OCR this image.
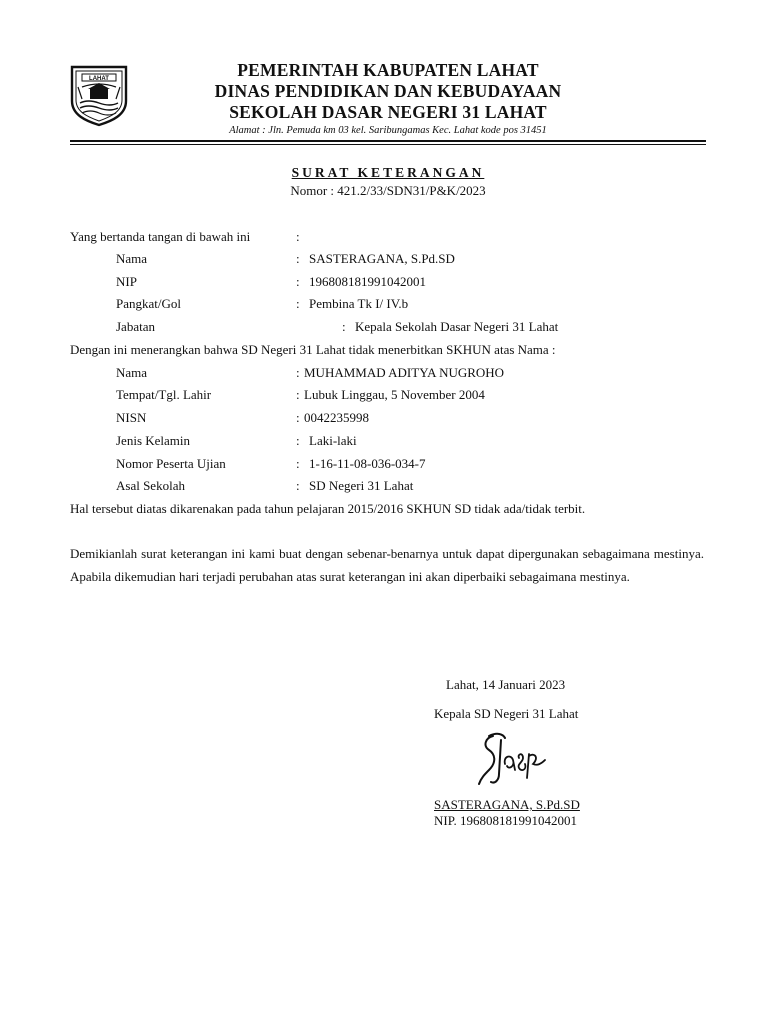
LAHAT	PEMERINTAH KABUPATEN LAHAT
DINAS PENDIDIKAN DAN KEBUDAYAAN
SEKOLAH DASAR NEGERI 31 LAHAT
Alamat : Jln. Pemuda km 03 kel. Saribungamas Kec. Lahat kode pos 31451
SURAT KETERANGAN
Nomor : 421.2/33/SDN31/P&K/2023
Yang bertanda tangan di bawah ini	:
Nama	: SASTERAGANA, S.Pd.SD
NIP	: 196808181991042001
Pangkat/Gol	: Pembina Tk I/ IV.b
Jabatan	: Kepala Sekolah Dasar Negeri 31 Lahat
Dengan ini menerangkan bahwa SD Negeri 31 Lahat tidak menerbitkan SKHUN atas Nama :
Nama	: MUHAMMAD ADITYA NUGROHO
Tempat/Tgl. Lahir	: Lubuk Linggau, 5 November 2004
NISN	: 0042235998
Jenis Kelamin	: Laki-laki
Nomor Peserta Ujian	: 1-16-11-08-036-034-7
Asal Sekolah	: SD Negeri 31 Lahat
Hal tersebut diatas dikarenakan pada tahun pelajaran 2015/2016 SKHUN SD tidak ada/tidak terbit.
Demikianlah surat keterangan ini kami buat dengan sebenar-benarnya untuk dapat dipergunakan sebagaimana mestinya. Apabila dikemudian hari terjadi perubahan atas surat keterangan ini akan diperbaiki sebagaimana mestinya.
Lahat, 14 Januari 2023
Kepala SD Negeri 31 Lahat
SASTERAGANA, S.Pd.SD
NIP. 196808181991042001
